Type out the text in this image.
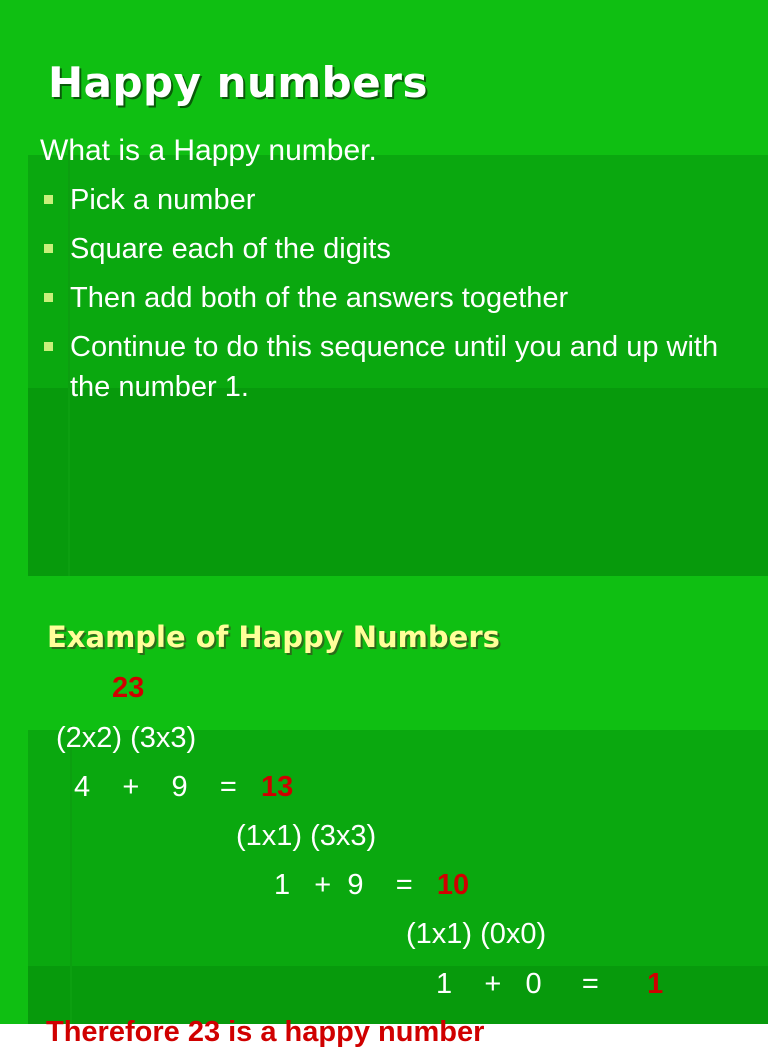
Happy numbers
What is a Happy number.
Pick a number
Square each of the digits
Then add both of the answers together
Continue to do this sequence until you and up with the number 1.
Example of Happy Numbers
23
(2x2) (3x3)
4    +    9    =   13
(1x1) (3x3)
1   +  9    =   10
(1x1) (0x0)
1    +   0     =      1
Therefore 23 is a happy number
